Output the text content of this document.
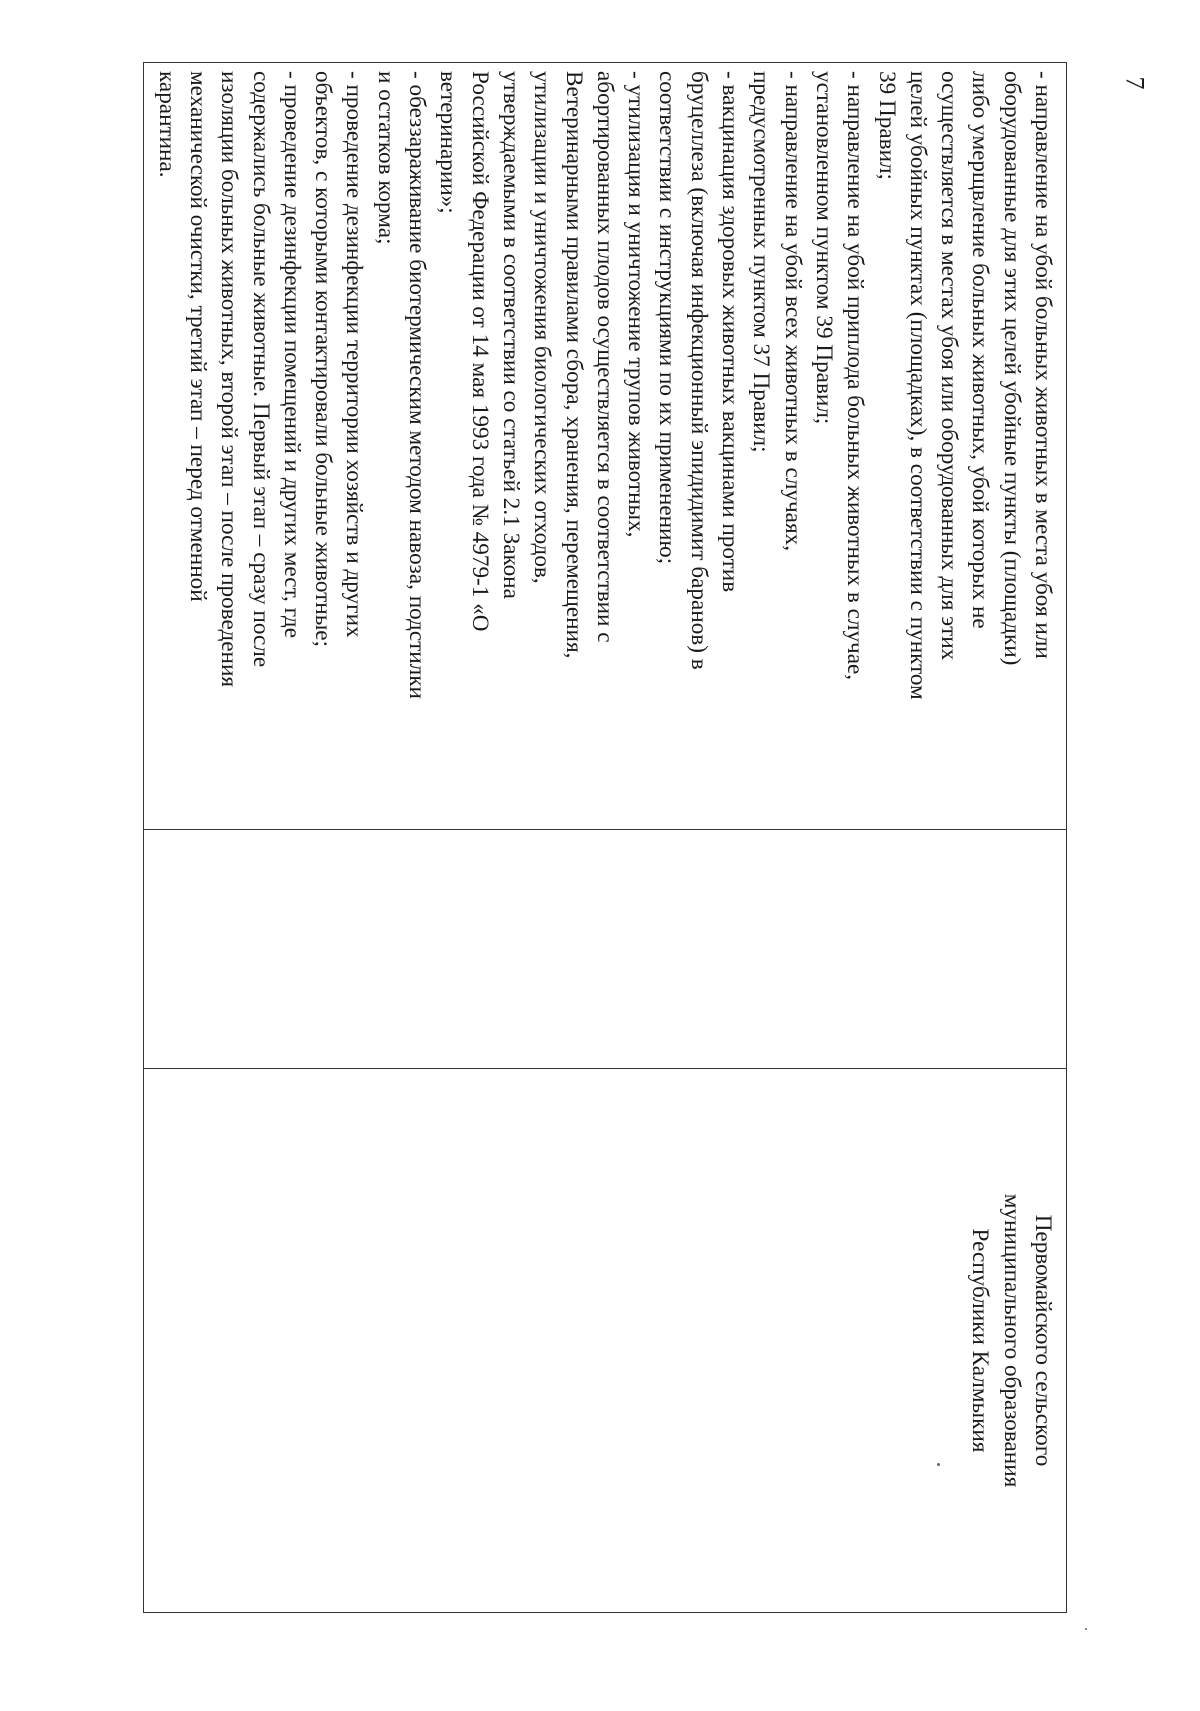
- направление на убой больных животных в места убоя или
оборудованные для этих целей убойные пункты (площадки)
либо умерщвление больных животных, убой которых не
осуществляется в местах убоя или оборудованных для этих
целей убойных пунктах (площадках), в соответствии с пунктом
39 Правил;
- направление на убой приплода больных животных в случае,
установленном пунктом 39 Правил;
- направление на убой всех животных в случаях,
предусмотренных пунктом 37 Правил;
- вакцинация здоровых животных вакцинами против
бруцеллеза (включая инфекционный эпидидимит баранов) в
соответствии с инструкциями по их применению;
- утилизация и уничтожение трупов животных,
абортированных плодов осуществляется в соответствии с
Ветеринарными правилами сбора, хранения, перемещения,
утилизации и уничтожения биологических отходов,
утверждаемыми в соответствии со статьей 2.1 Закона
Российской Федерации от 14 мая 1993 года № 4979-1 «О
ветеринарии»;
- обеззараживание биотермическим методом навоза, подстилки
и остатков корма;
- проведение дезинфекции территории хозяйств и других
объектов, с которыми контактировали больные животные;
- проведение дезинфекции помещений и других мест, где
содержались больные животные. Первый этап – сразу после
изоляции больных животных, второй этап – после проведения
механической очистки, третий этап – перед отменной
карантина.

Первомайского сельского
муниципального образования
Республики Калмыкия
7
